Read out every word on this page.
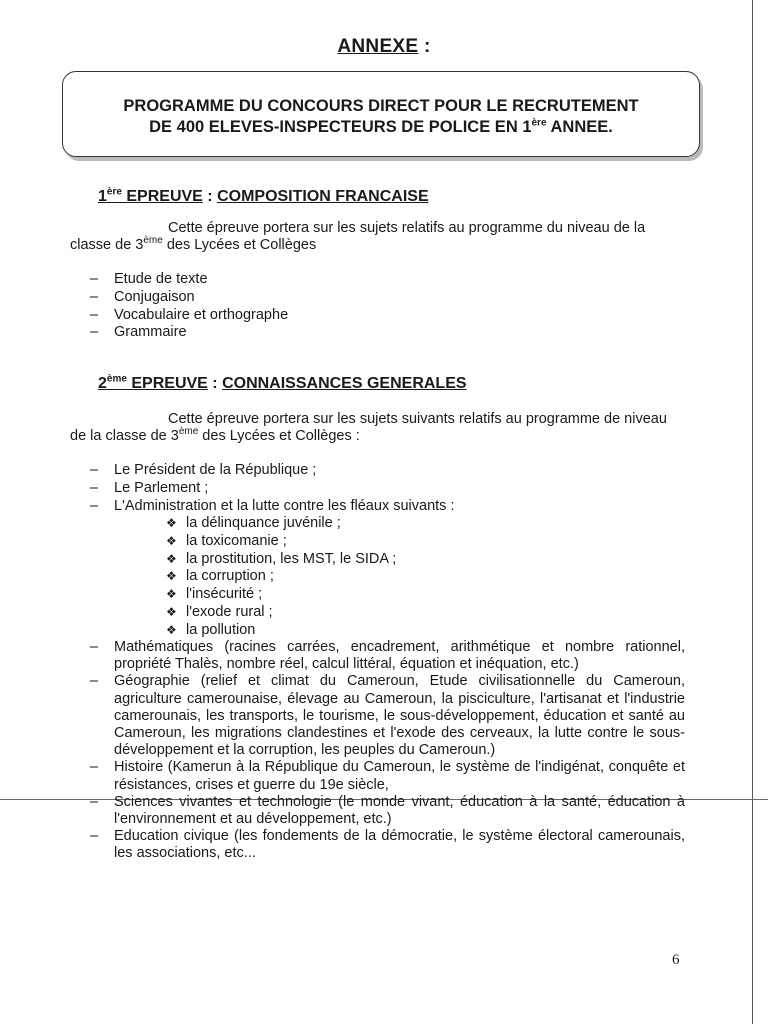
ANNEXE :
PROGRAMME DU CONCOURS DIRECT POUR LE RECRUTEMENT
DE 400 ELEVES-INSPECTEURS DE POLICE EN 1ère ANNEE.
1ère EPREUVE : COMPOSITION FRANCAISE
Cette épreuve portera sur les sujets relatifs au programme du niveau de la classe de 3ème des Lycées et Collèges
– Etude de texte
– Conjugaison
– Vocabulaire et orthographe
– Grammaire
2ème EPREUVE : CONNAISSANCES GENERALES
Cette épreuve portera sur les sujets suivants relatifs au programme de niveau de la classe de 3ème des Lycées et Collèges :
– Le Président de la République ;
– Le Parlement ;
– L'Administration et la lutte contre les fléaux suivants :
❖ la délinquance juvénile ;
❖ la toxicomanie ;
❖ la prostitution, les MST, le SIDA ;
❖ la corruption ;
❖ l'insécurité ;
❖ l'exode rural ;
❖ la pollution
– Mathématiques (racines carrées, encadrement, arithmétique et nombre rationnel, propriété Thalès, nombre réel, calcul littéral, équation et inéquation, etc.)
– Géographie (relief et climat du Cameroun, Etude civilisationnelle du Cameroun, agriculture camerounaise, élevage au Cameroun, la pisciculture, l'artisanat et l'industrie camerounais, les transports, le tourisme, le sous-développement, éducation et santé au Cameroun, les migrations clandestines et l'exode des cerveaux, la lutte contre le sous-développement et la corruption, les peuples du Cameroun.)
– Histoire (Kamerun à la République du Cameroun, le système de l'indigénat, conquête et résistances, crises et guerre du 19e siècle,
– Sciences vivantes et technologie (le monde vivant, éducation à la santé, éducation à l'environnement et au développement, etc.)
– Education civique (les fondements de la démocratie, le système électoral camerounais, les associations, etc...
6
